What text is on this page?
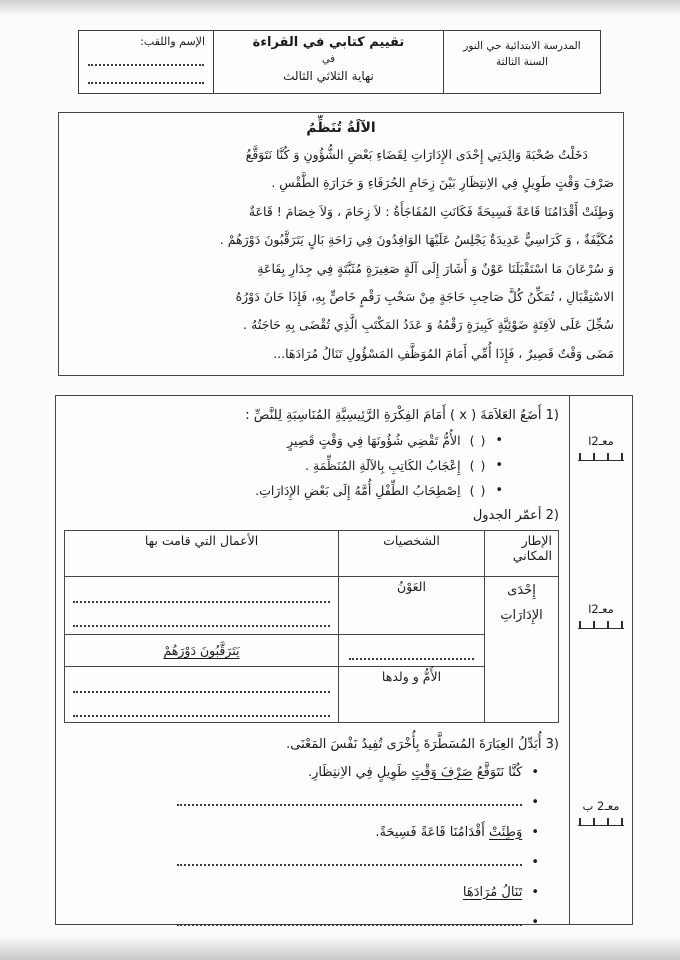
المدرسة الابتدائية حي النور
السنة الثالثة
تقييم كتابي في القراءة
في
نهاية الثلاثي الثالث
الإسم واللقب:
الآلَةُ تُنَظِّمُ
دَخَلْتُ صُحْبَةَ وَالِدَتِي إِحْدَى الإِدَارَاتِ لِقَضَاءِ بَعْضِ الشُّؤُونِ وَ كُنَّا نَتَوَقَّعُ
صَرْفَ وَقْتٍ طَوِيلٍ فِي الاِنتِظَارِ بَيْنَ زِحَامِ الحُرَفَاءِ وَ حَرَارَةِ الطَّقْسِ .
وَطِئَتْ أَقْدَامُنَا قَاعَةً فَسِيحَةً فَكَانَتِ المُفَاجَأَةُ : لاَ زِحَامَ ، وَلاَ خِصَامَ ! قَاعَةٌ
مُكَيَّفَةٌ ، وَ كَرَاسِيٌّ عَدِيدَةٌ يَجْلِسُ عَلَيْهَا الوَافِدُونَ فِي رَاحَةِ بَالٍ يَتَرَقَّبُونَ دَوْرَهُمْ .
وَ سُرْعَانَ مَا اسْتَقْبَلَنَا عَوْنٌ وَ أَشَارَ إِلَى آلَةٍ صَغِيرَةٍ مُثَبَّتَةٍ فِي جِدَارِ بِقَاعَةِ
الاسْتِقْبَالِ ، تُمَكِّنُ كُلَّ صَاحِبِ حَاجَةٍ مِنْ سَحْبِ رَقْمٍ خَاصٍّ بِهِ، فَإِذَا حَانَ دَوْرُهُ
سُجِّلَ عَلَى لاَفِتَةٍ ضَوْئِيَّةٍ كَبِيرَةٍ رَقْمُهُ وَ عَدَدُ المَكْتَبِ الَّذِي تُقْضَى بِهِ حَاجَتُهُ .
مَضَى وَقْتٌ قَصِيرٌ ، فَإِذَا أُمِّي أَمَامَ المُوَظَّفِ المَسْؤُولِ تَنَالُ مُرَادَهَا...
معـ2ا
معـ2ا
معـ2 ب
‎1)‎ أَضَعُ العَلاَمَةَ ( x ) أَمَامَ الفِكْرَةِ الرَّئِيسِيَّةِ المُنَاسِبَةِ لِلنَّصِّ :
•
( )
الأُمُّ تَقْضِي شُؤُونَهَا فِي وَقْتٍ قَصِيرٍ
•
( )
إِعْجَابُ الكَاتِبِ بِالآلَةِ المُنَظِّمَةِ .
•
( )
اِصْطِحَابُ الطِّفْلِ أُمَّهُ إِلَى بَعْضِ الإِدَارَاتِ.
‎2)‎ أعمّر الجدول
الإطار المكاني	الشخصيات	الأعمال التي قامت بها
إِحْدَى الإِدَارَاتِ	العَوْنُ	

		يَتَرَقَّبُونَ دَوْرَهُمْ
	الأَمُّ و ولدها	
‎3)‎ أُبَدِّلُ العِبَارَةَ المُسَطَّرَةَ بِأُخْرَى تُفِيدُ نَفْسَ المَعْنَى.
•
كُنَّا نَتَوَقَّعُ صَرْفَ وَقْتٍ طَوِيلٍ فِي الاِنتِظَارِ.
•
•
وَطِئَتْ أَقْدَامُنَا قَاعَةً فَسِيحَةً.
•
•
تَنَالُ مُرَادَهَا
•
